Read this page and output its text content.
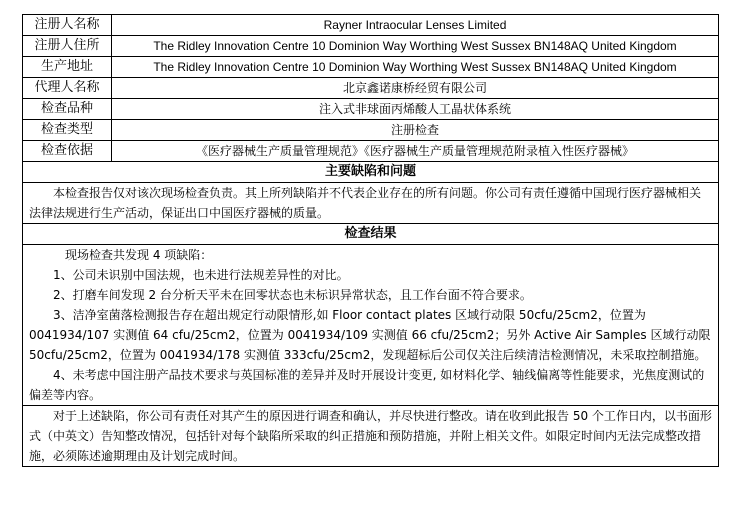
注册人名称	Rayner Intraocular Lenses Limited
注册人住所	The Ridley Innovation Centre 10 Dominion Way Worthing West Sussex BN148AQ United Kingdom
生产地址	The Ridley Innovation Centre 10 Dominion Way Worthing West Sussex BN148AQ United Kingdom
代理人名称	北京鑫诺康桥经贸有限公司
检查品种	注入式非球面丙烯酸人工晶状体系统
检查类型	注册检查
检查依据	《医疗器械生产质量管理规范》《医疗器械生产质量管理规范附录植入性医疗器械》
主要缺陷和问题	

本检查报告仅对该次现场检查负责。其上所列缺陷并不代表企业存在的所有问题。你公司有责任遵循中国现行医疗器械相关法律法规进行生产活动，保证出口中国医疗器械的质量。	

检查结果	

现场检查共发现 4 项缺陷：
1、公司未识别中国法规，也未进行法规差异性的对比。
2、打磨车间发现 2 台分析天平未在回零状态也未标识异常状态，且工作台面不符合要求。
3、洁净室菌落检测报告存在超出规定行动限情形,如 Floor contact plates 区域行动限 50cfu/25cm2，位置为 0041934/107 实测值 64 cfu/25cm2，位置为 0041934/109 实测值 66 cfu/25cm2；另外 Active Air Samples 区域行动限 50cfu/25cm2，位置为 0041934/178 实测值 333cfu/25cm2，发现超标后公司仅关注后续清洁检测情况，未采取控制措施。
4、未考虑中国注册产品技术要求与英国标准的差异并及时开展设计变更, 如材料化学、轴线偏离等性能要求，光焦度测试的偏差等内容。	

对于上述缺陷，你公司有责任对其产生的原因进行调查和确认，并尽快进行整改。请在收到此报告 50 个工作日内，以书面形式（中英文）告知整改情况，包括针对每个缺陷所采取的纠正措施和预防措施，并附上相关文件。如限定时间内无法完成整改措施，必须陈述逾期理由及计划完成时间。	
